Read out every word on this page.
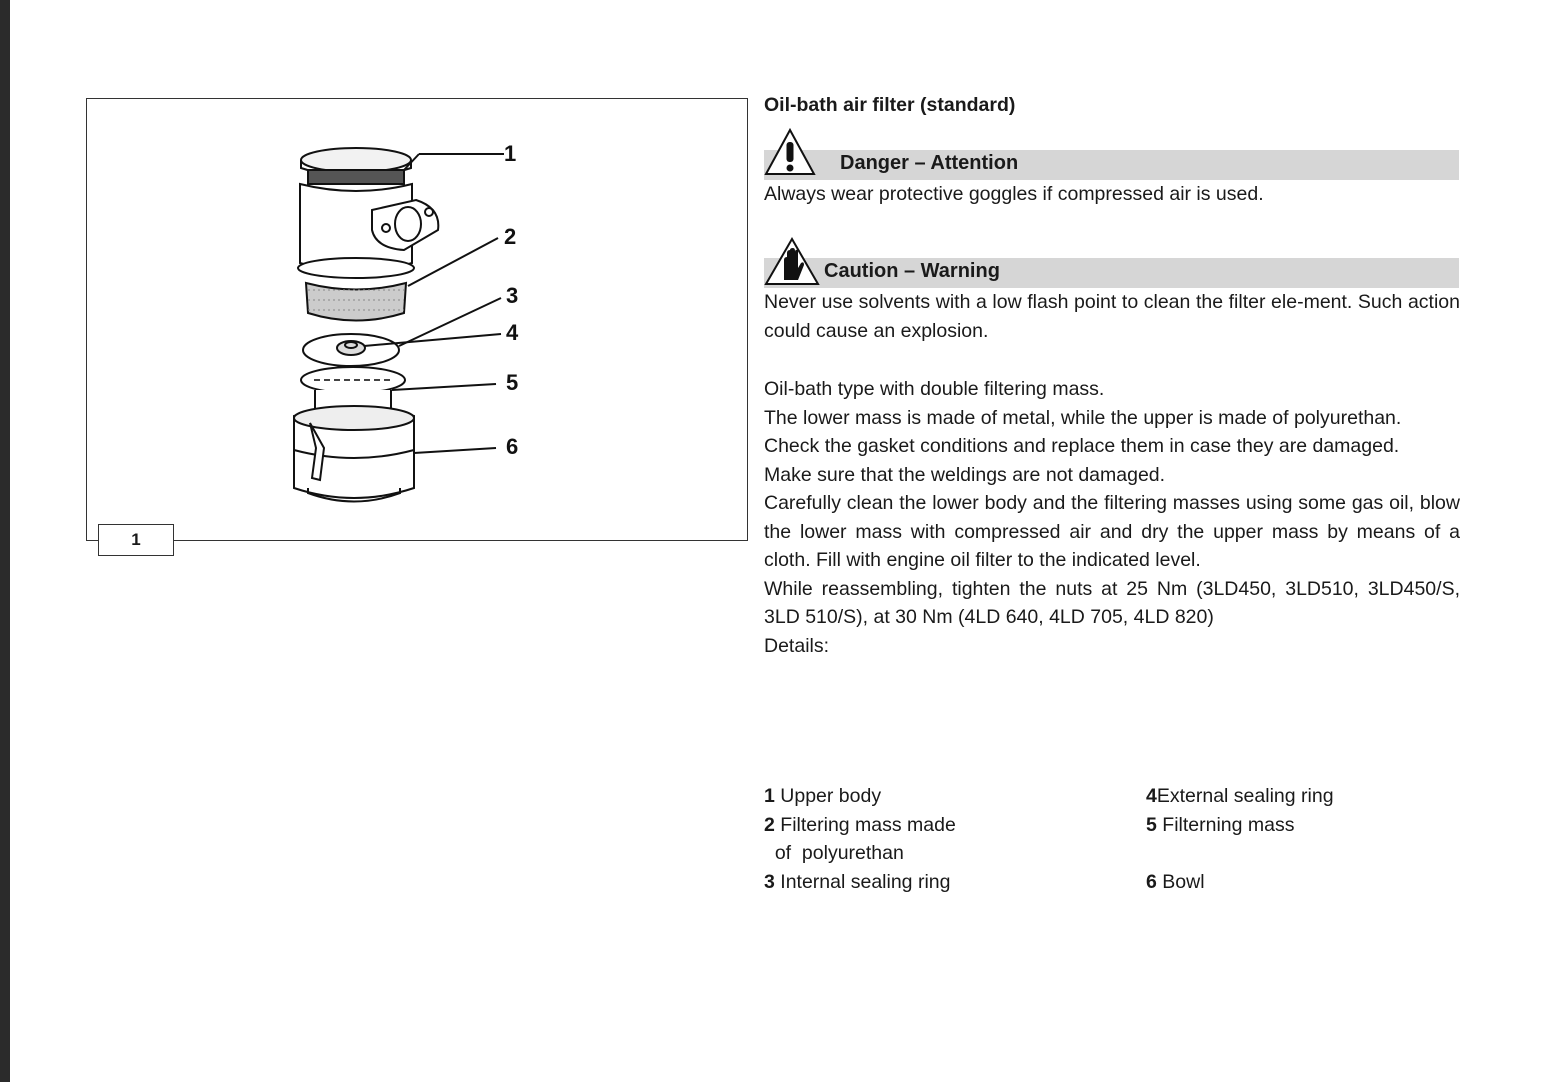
1
2
3
4
5
6
1
Oil-bath air filter (standard)
Danger – Attention
Always wear protective goggles if compressed air is used.
Caution – Warning
Never use solvents with a low flash point to clean the filter ele-ment. Such action could cause an explosion.

Oil-bath type with double filtering mass.

The lower mass is made of metal, while the upper is made of polyurethan.

Check the gasket conditions and replace them in case they are damaged.

Make sure that the weldings are not damaged.

Carefully clean the lower body and the filtering masses using some gas oil, blow the lower mass with compressed air and dry the upper mass by means of a cloth. Fill with engine oil filter to the indicated level.

While reassembling, tighten the nuts at 25 Nm (3LD450, 3LD510, 3LD450/S, 3LD 510/S), at 30 Nm (4LD 640, 4LD 705, 4LD 820)

Details:

1 Upper body
2 Filtering mass made
of  polyurethan
3 Internal sealing ring
4External sealing ring
5 Filterning mass
6 Bowl
